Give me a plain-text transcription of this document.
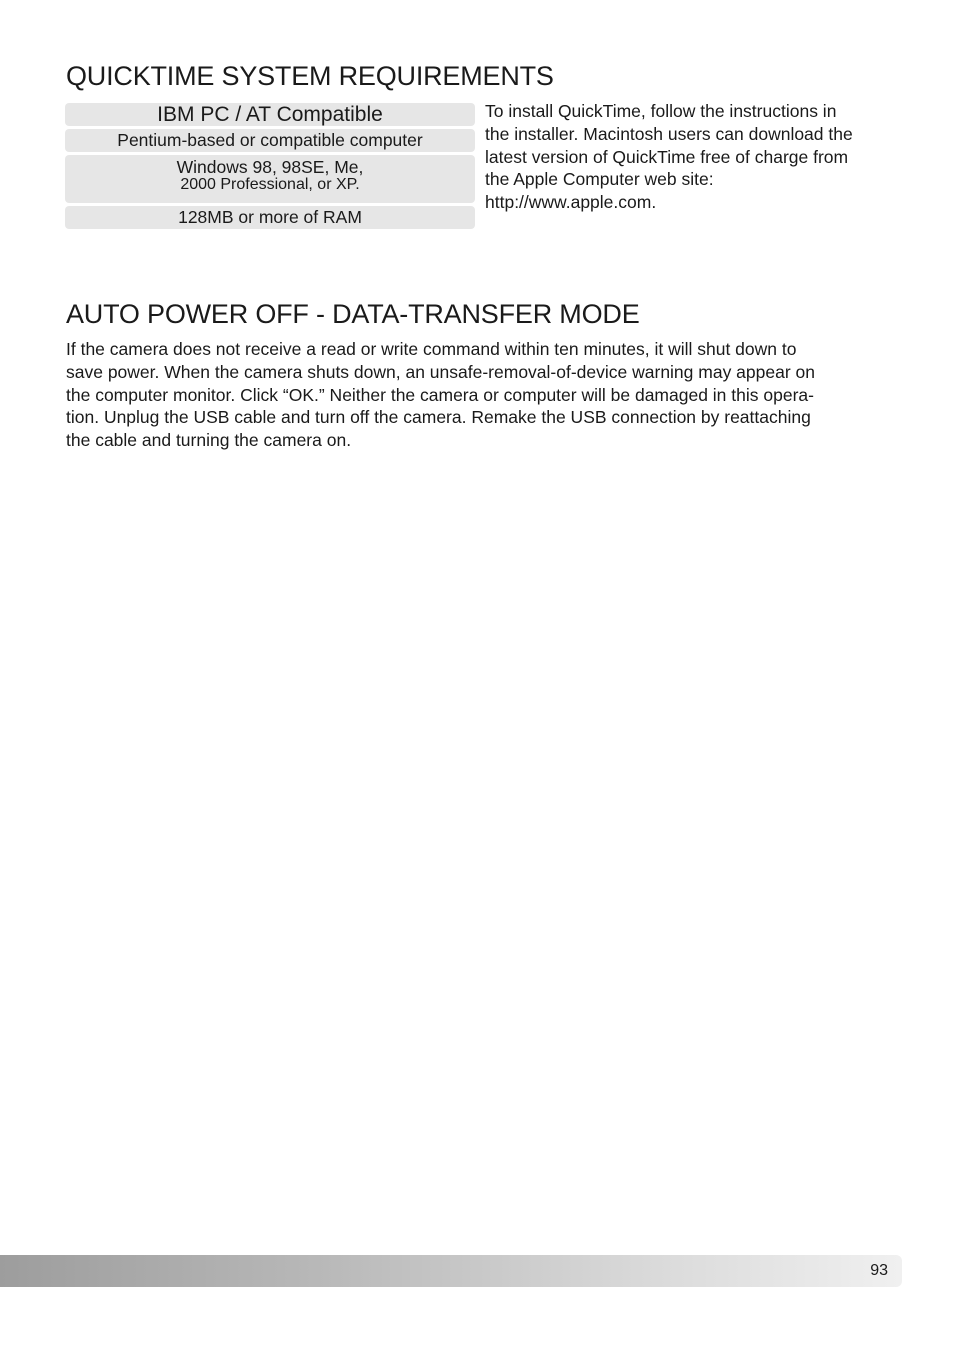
QUICKTIME SYSTEM REQUIREMENTS
IBM PC / AT Compatible
Pentium-based or compatible computer
Windows 98, 98SE, Me,
2000 Professional, or XP.
128MB or more of RAM
To install QuickTime, follow the instructions in
the installer. Macintosh users can download the
latest version of QuickTime free of charge from
the Apple Computer web site:
http://www.apple.com.
AUTO POWER OFF - DATA-TRANSFER MODE
If the camera does not receive a read or write command within ten minutes, it will shut down to
save power. When the camera shuts down, an unsafe-removal-of-device warning may appear on
the computer monitor. Click “OK.” Neither the camera or computer will be damaged in this opera-
tion. Unplug the USB cable and turn off the camera. Remake the USB connection by reattaching
the cable and turning the camera on.
93
